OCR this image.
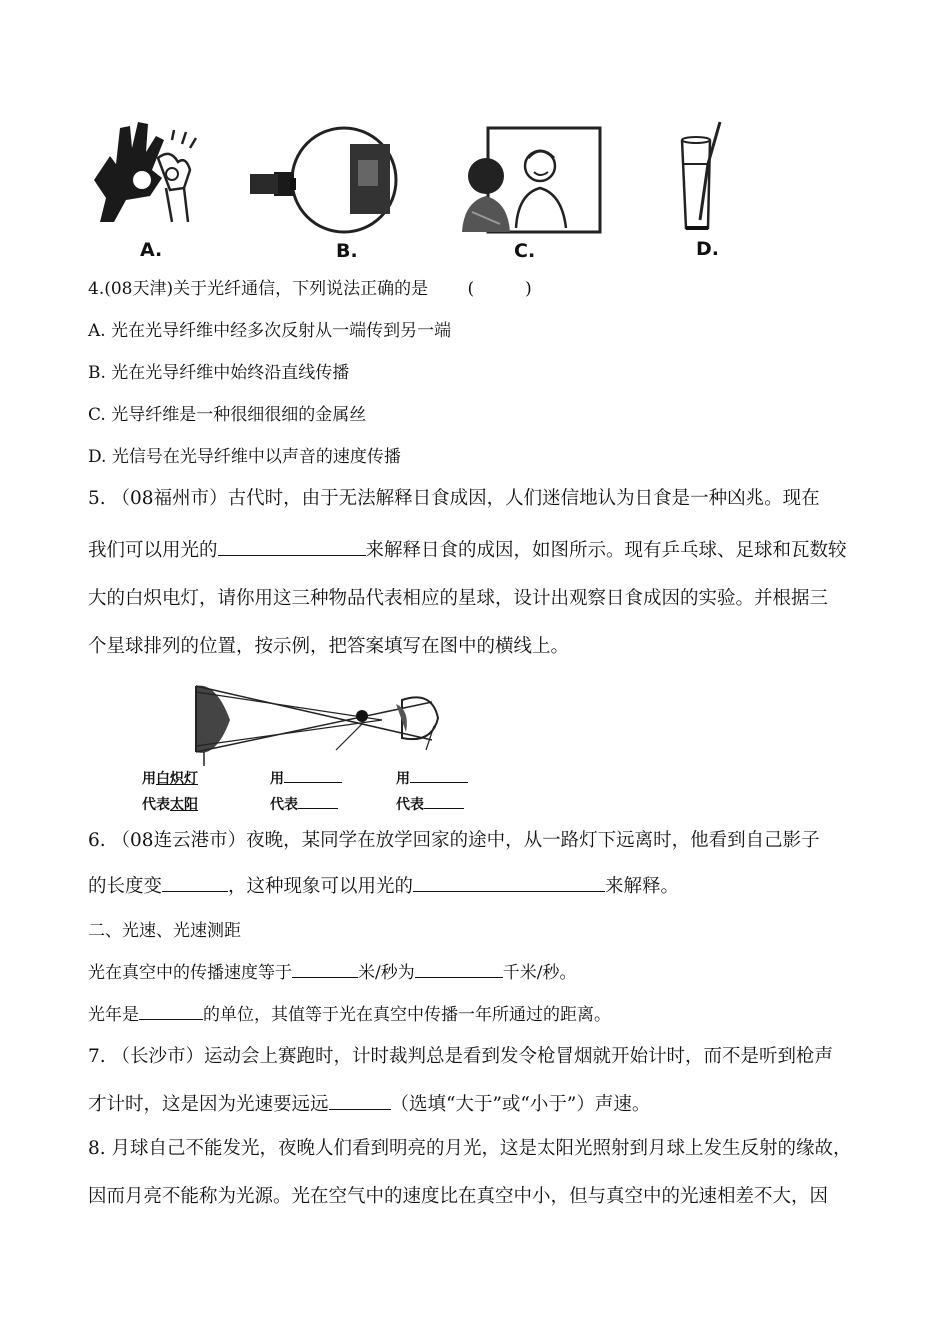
A.	B.	C.	D.
4.(08天津)关于光纤通信，下列说法正确的是 (　　　)
A. 光在光导纤维中经多次反射从一端传到另一端
B. 光在光导纤维中始终沿直线传播
C. 光导纤维是一种很细很细的金属丝
D. 光信号在光导纤维中以声音的速度传播
5. （08福州市）古代时，由于无法解释日食成因，人们迷信地认为日食是一种凶兆。现在
我们可以用光的	来解释日食的成因，如图所示。现有乒乓球、足球和瓦数较
大的白炽电灯，请你用这三种物品代表相应的星球，设计出观察日食成因的实验。并根据三
个星球排列的位置，按示例，把答案填写在图中的横线上。
用白炽灯
代表太阳
用
代表
用
代表
6. （08连云港市）夜晚，某同学在放学回家的途中，从一路灯下远离时，他看到自己影子
的长度变	，这种现象可以用光的	来解释。
二、光速、光速测距
光在真空中的传播速度等于	米/秒为	千米/秒。
光年是	的单位，其值等于光在真空中传播一年所通过的距离。
7. （长沙市）运动会上赛跑时，计时裁判总是看到发令枪冒烟就开始计时，而不是听到枪声
才计时，这是因为光速要远远	（选填“大于”或“小于”）声速。
8. 月球自己不能发光，夜晚人们看到明亮的月光，这是太阳光照射到月球上发生反射的缘故，
因而月亮不能称为光源。光在空气中的速度比在真空中小，但与真空中的光速相差不大，因
